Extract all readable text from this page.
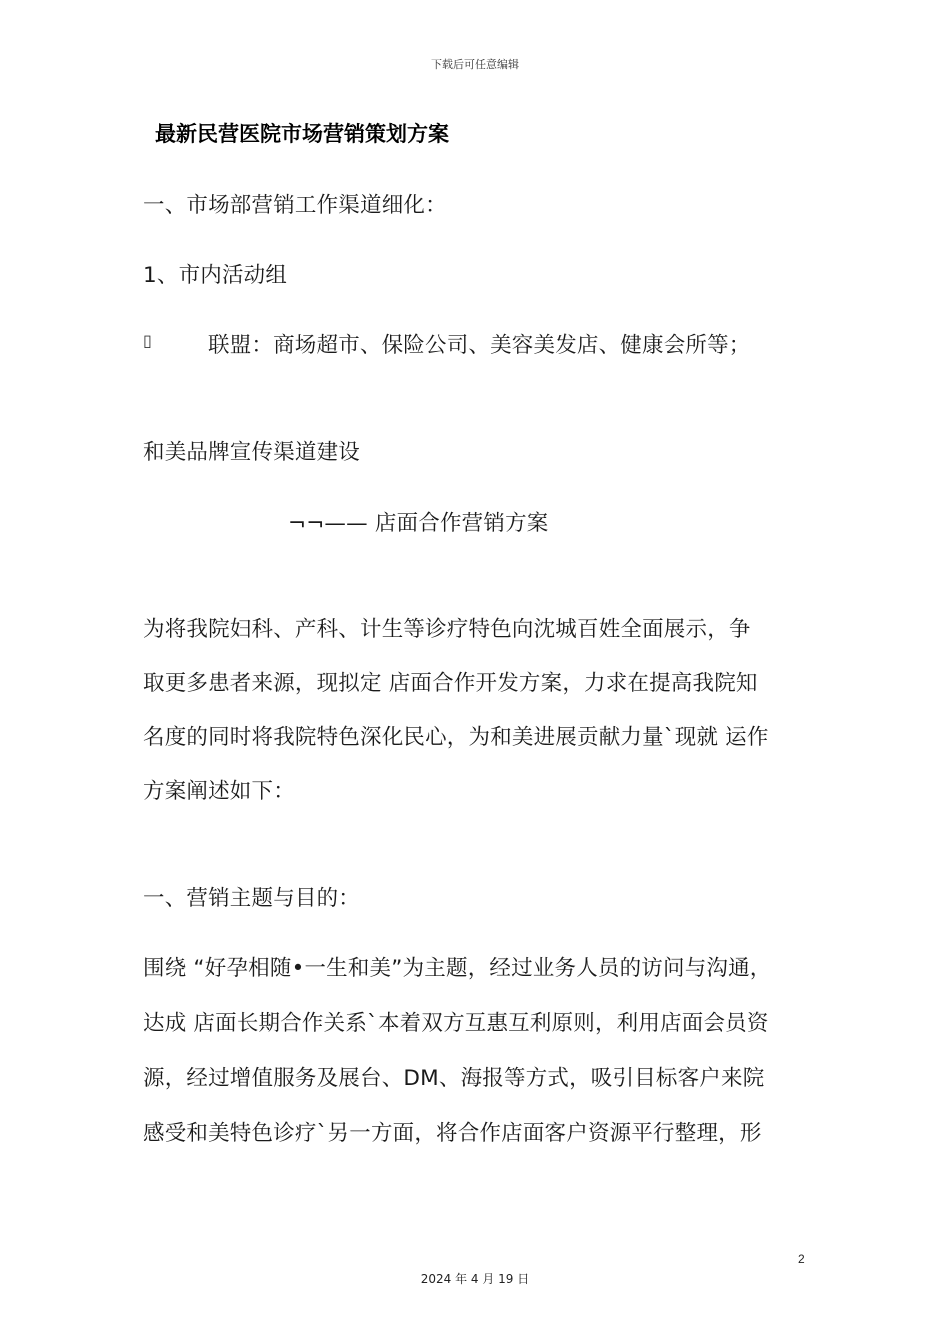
下载后可任意编辑
最新民营医院市场营销策划方案
一、市场部营销工作渠道细化：
1、市内活动组
▯	联盟：商场超市、保险公司、美容美发店、健康会所等；
和美品牌宣传渠道建设
¬¬—— 店面合作营销方案
为将我院妇科、产科、计生等诊疗特色向沈城百姓全面展示，争
取更多患者来源，现拟定 店面合作开发方案，力求在提高我院知
名度的同时将我院特色深化民心，为和美进展贡献力量`现就 运作
方案阐述如下：
一、营销主题与目的：
围绕 “好孕相随•一生和美”为主题，经过业务人员的访问与沟通，
达成 店面长期合作关系`本着双方互惠互利原则，利用店面会员资
源，经过增值服务及展台、DM、海报等方式，吸引目标客户来院
感受和美特色诊疗`另一方面，将合作店面客户资源平行整理，形
2
2024 年 4 月 19 日
